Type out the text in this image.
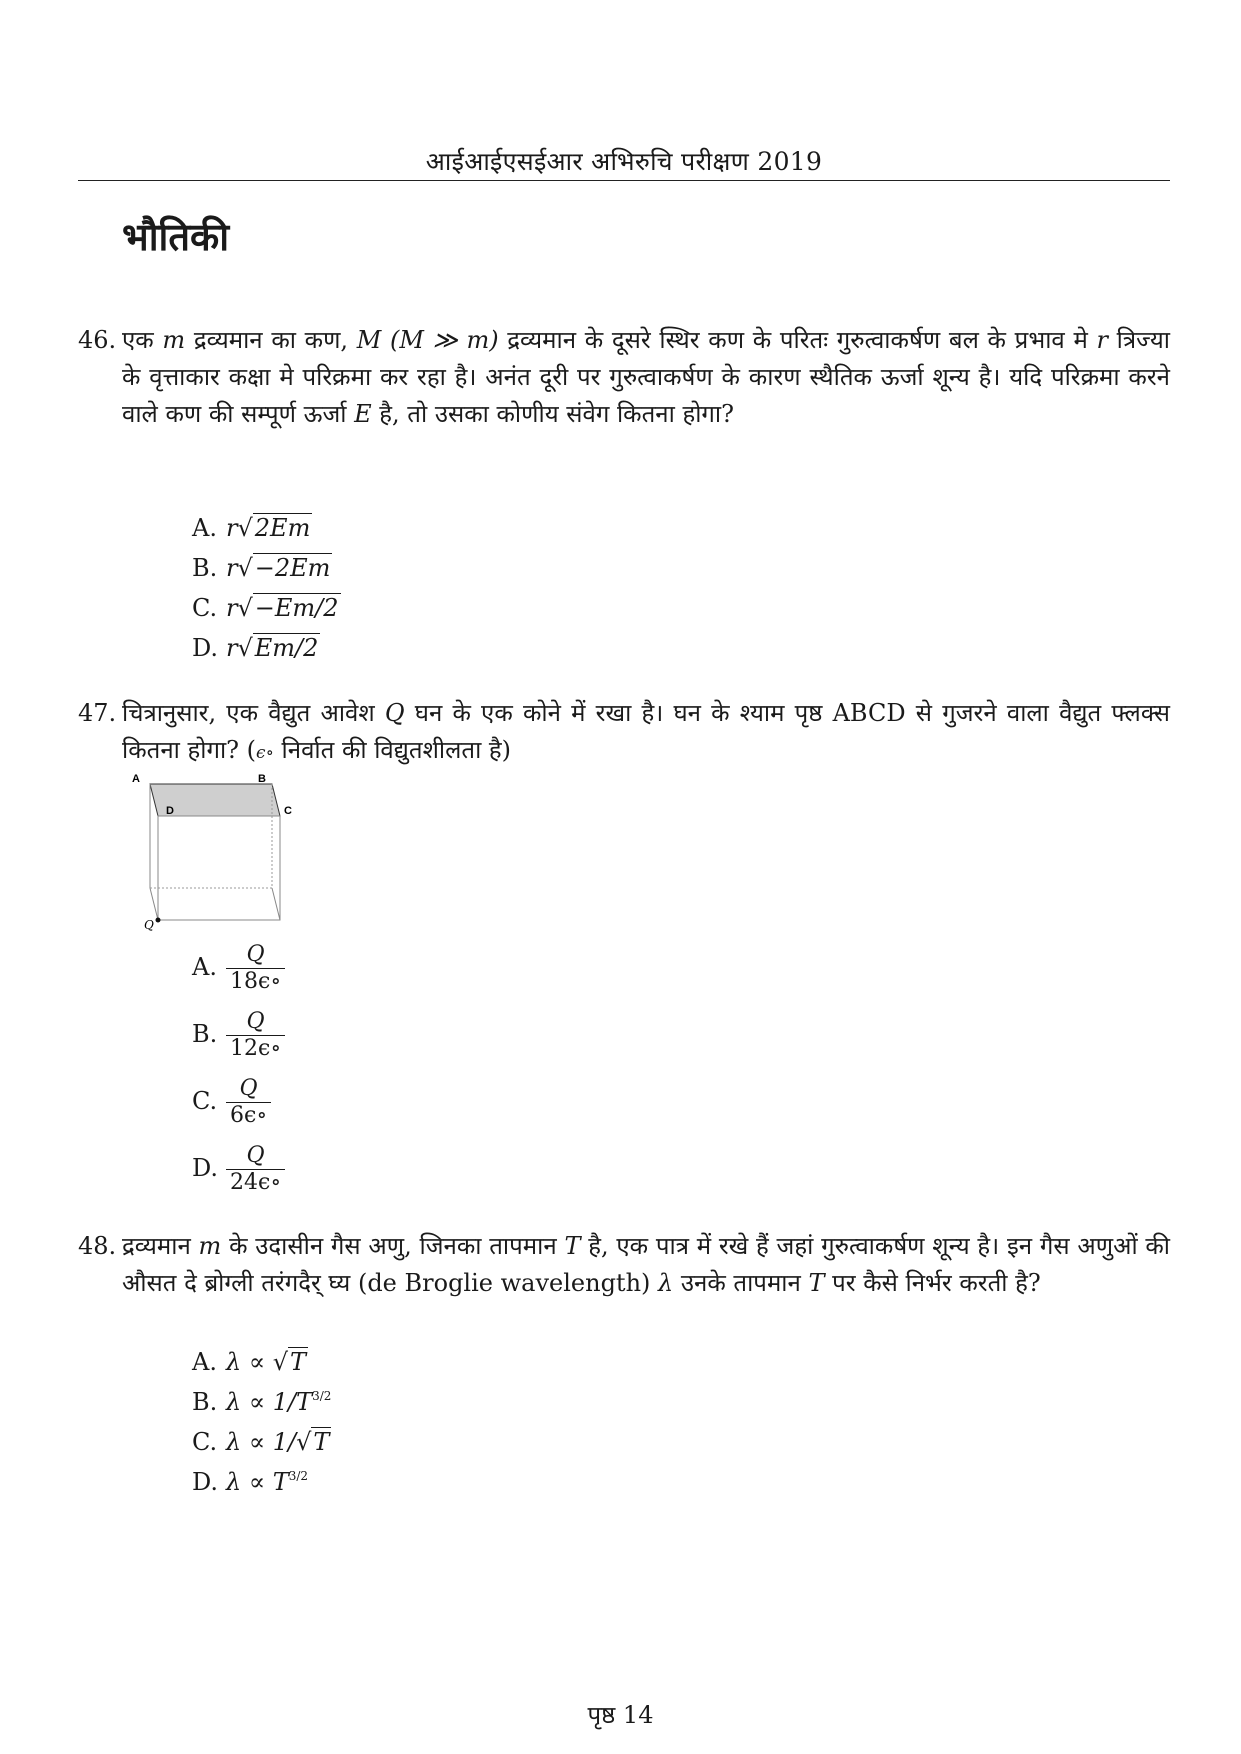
आईआईएसईआर अभिरुचि परीक्षण 2019
भौतिकी
46. एक m द्रव्यमान का कण, M (M ≫ m) द्रव्यमान के दूसरे स्थिर कण के परितः गुरुत्वाकर्षण बल के प्रभाव मे r त्रिज्या के वृत्ताकार कक्षा मे परिक्रमा कर रहा है। अनंत दूरी पर गुरुत्वाकर्षण के कारण स्थैतिक ऊर्जा शून्य है। यदि परिक्रमा करने वाले कण की सम्पूर्ण ऊर्जा E है, तो उसका कोणीय संवेग कितना होगा?
A. r√2Em
B. r√−2Em
C. r√−Em/2
D. r√Em/2
47. चित्रानुसार, एक वैद्युत आवेश Q घन के एक कोने में रखा है। घन के श्याम पृष्ठ ABCD से गुजरने वाला वैद्युत फ्लक्स कितना होगा? (ϵ∘ निर्वात की विद्युतशीलता है)
A	B
C
D
Q
A. $\frac{Q}{18\epsilon\circ}$
B. $\frac{Q}{12\epsilon\circ}$
C. $\frac{Q}{6\epsilon\circ}$
D. $\frac{Q}{24\epsilon\circ}$
48. द्रव्यमान m के उदासीन गैस अणु, जिनका तापमान T है, एक पात्र में रखे हैं जहां गुरुत्वाकर्षण शून्य है। इन गैस अणुओं की औसत दे ब्रोग्ली तरंगदैर् घ्य (de Broglie wavelength) λ उनके तापमान T पर कैसे निर्भर करती है?
A. λ ∝ √T
B. $\lambda \propto 1/T^{3/2}$
C. λ ∝ 1/√T
D. $\lambda \propto T^{3/2}$
पृष्ठ 14
